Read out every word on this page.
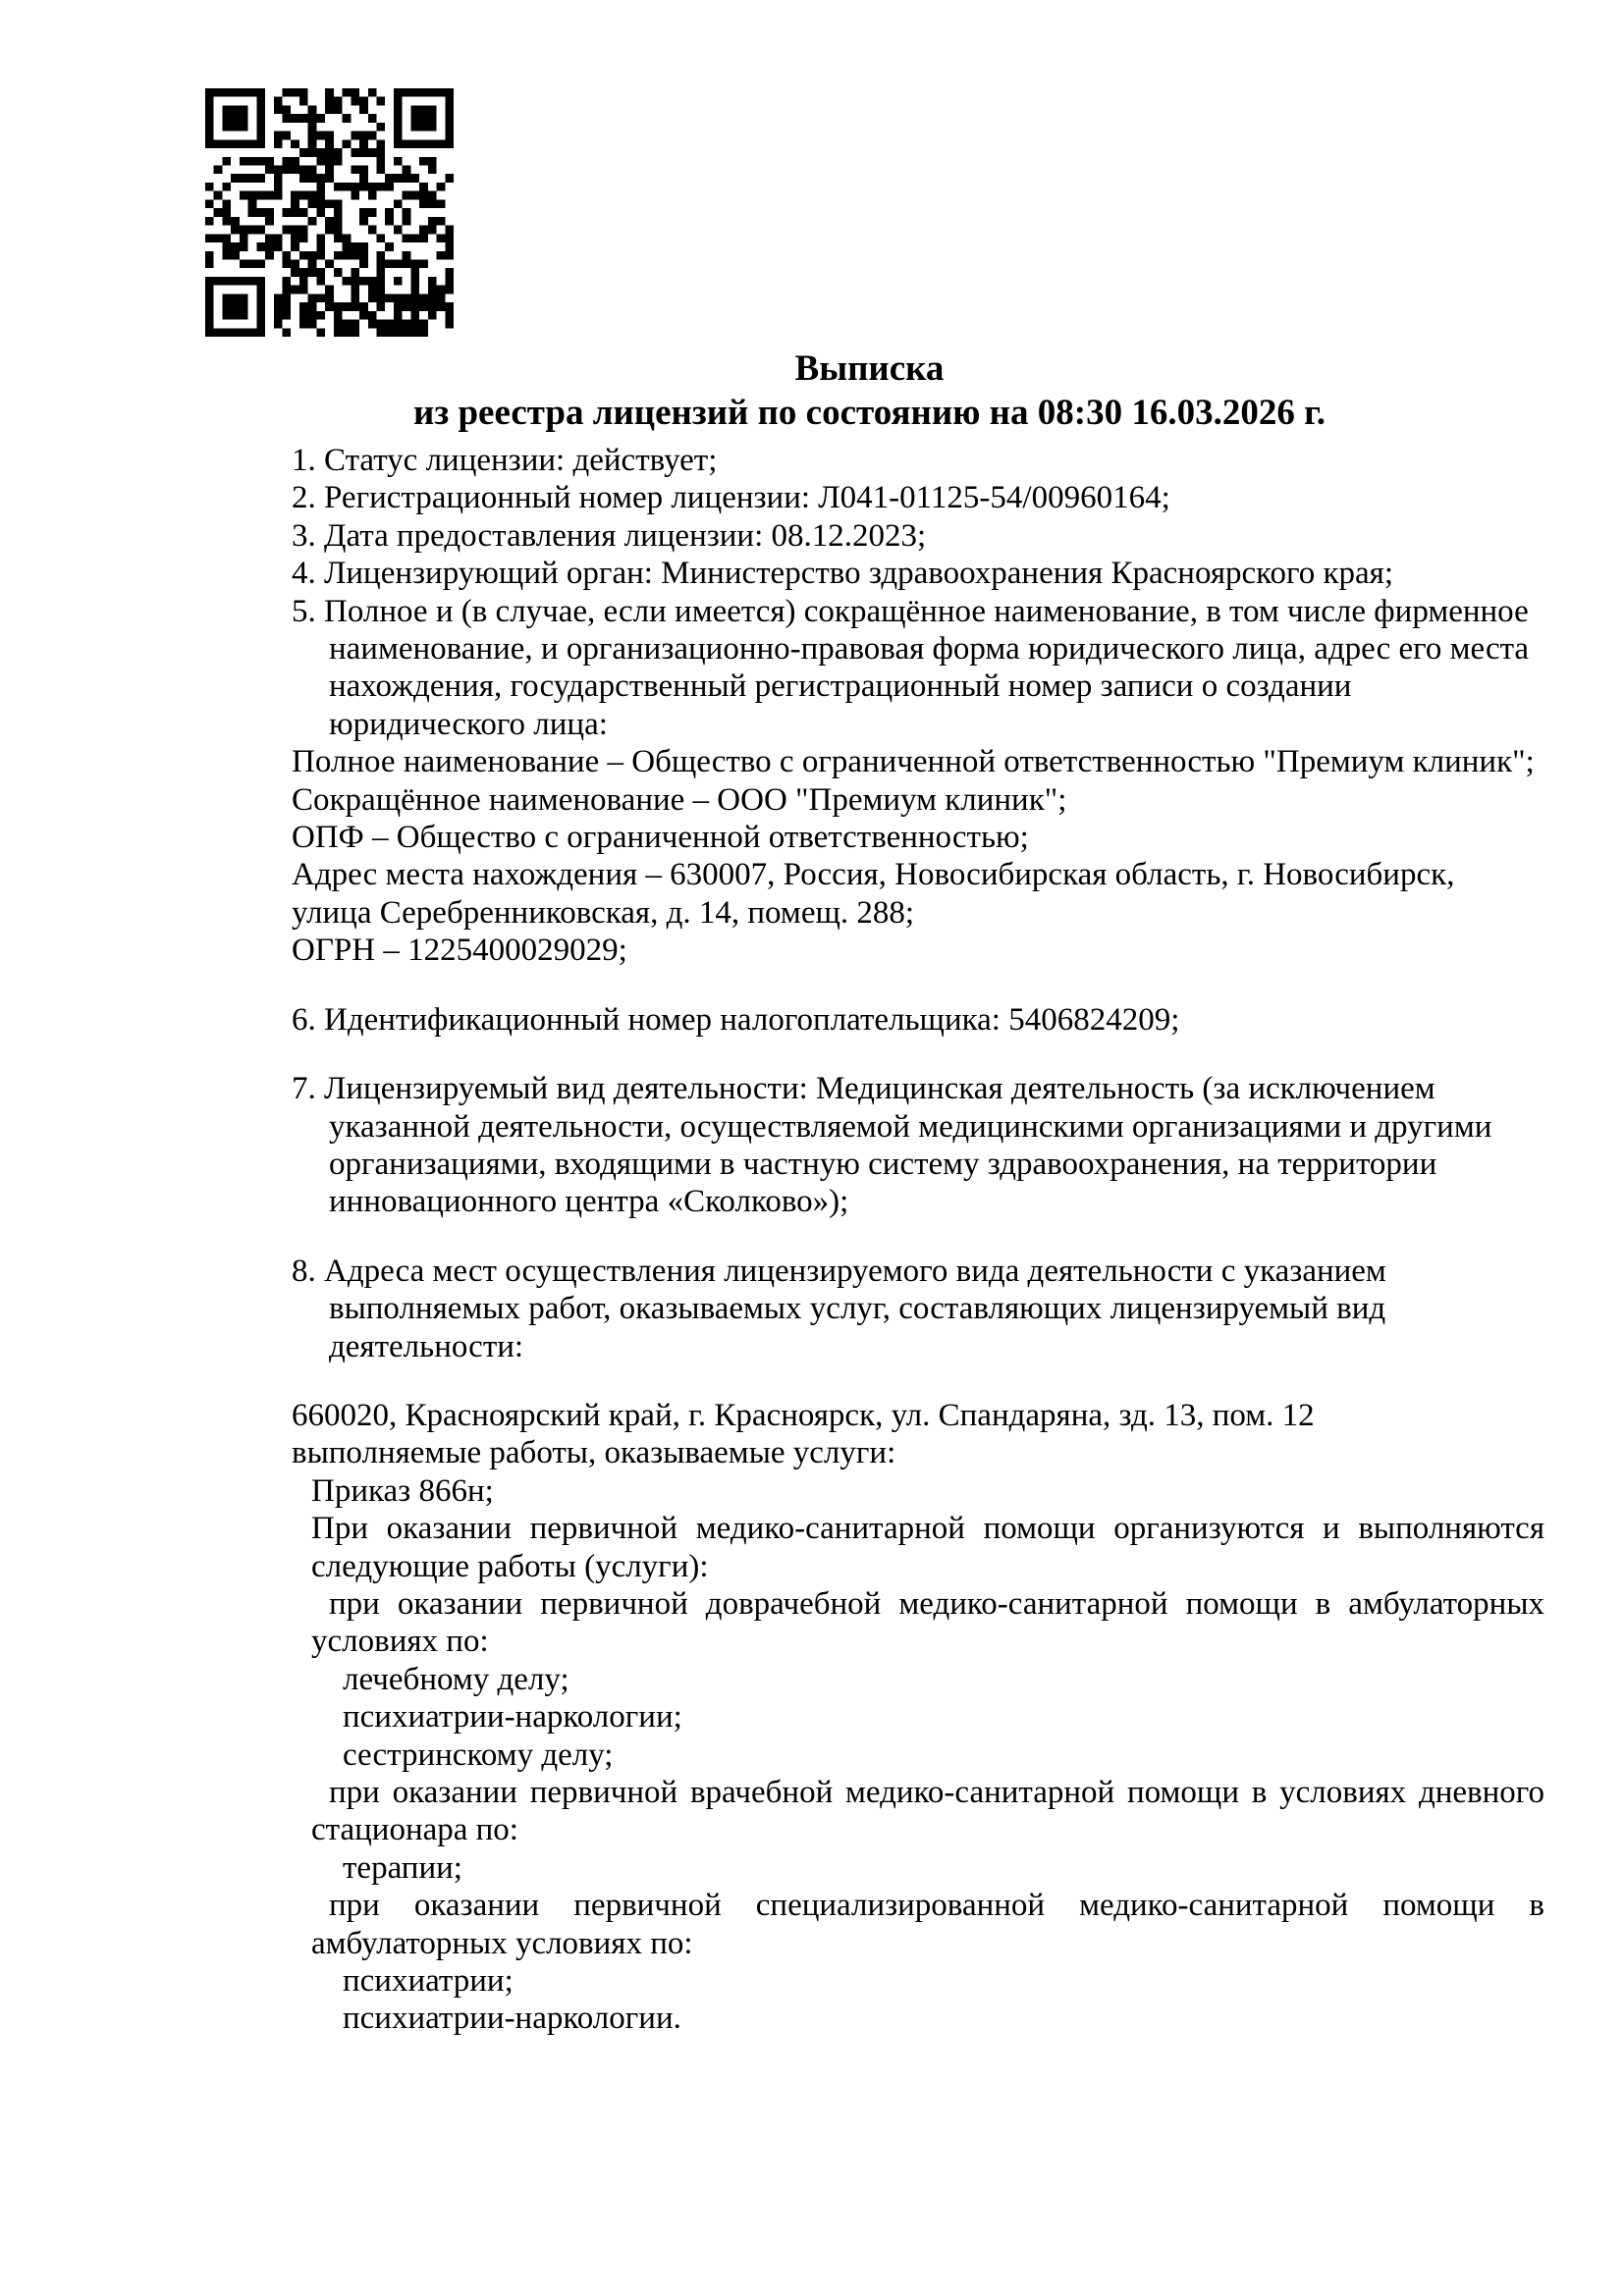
Выписка
из реестра лицензий по состоянию на 08:30 16.03.2026 г.
1. Статус лицензии: действует;
2. Регистрационный номер лицензии: Л041-01125-54/00960164;
3. Дата предоставления лицензии: 08.12.2023;
4. Лицензирующий орган: Министерство здравоохранения Красноярского края;
5. Полное и (в случае, если имеется) сокращённое наименование, в том числе фирменное
наименование, и организационно-правовая форма юридического лица, адрес его места
нахождения, государственный регистрационный номер записи о создании
юридического лица:
Полное наименование – Общество с ограниченной ответственностью "Премиум клиник";
Сокращённое наименование – ООО "Премиум клиник";
ОПФ – Общество с ограниченной ответственностью;
Адрес места нахождения – 630007, Россия, Новосибирская область, г. Новосибирск,
улица Серебренниковская, д. 14, помещ. 288;
ОГРН – 1225400029029;
6. Идентификационный номер налогоплательщика: 5406824209;
7. Лицензируемый вид деятельности: Медицинская деятельность (за исключением
указанной деятельности, осуществляемой медицинскими организациями и другими
организациями, входящими в частную систему здравоохранения, на территории
инновационного центра «Сколково»);
8. Адреса мест осуществления лицензируемого вида деятельности с указанием
выполняемых работ, оказываемых услуг, составляющих лицензируемый вид
деятельности:
660020, Красноярский край, г. Красноярск, ул. Спандаряна, зд. 13, пом. 12
выполняемые работы, оказываемые услуги:
Приказ 866н;
При оказании первичной медико-санитарной помощи организуются и выполняются
следующие работы (услуги):
при оказании первичной доврачебной медико-санитарной помощи в амбулаторных
условиях по:
лечебному делу;
психиатрии-наркологии;
сестринскому делу;
при оказании первичной врачебной медико-санитарной помощи в условиях дневного
стационара по:
терапии;
при оказании первичной специализированной медико-санитарной помощи в
амбулаторных условиях по:
психиатрии;
психиатрии-наркологии.
